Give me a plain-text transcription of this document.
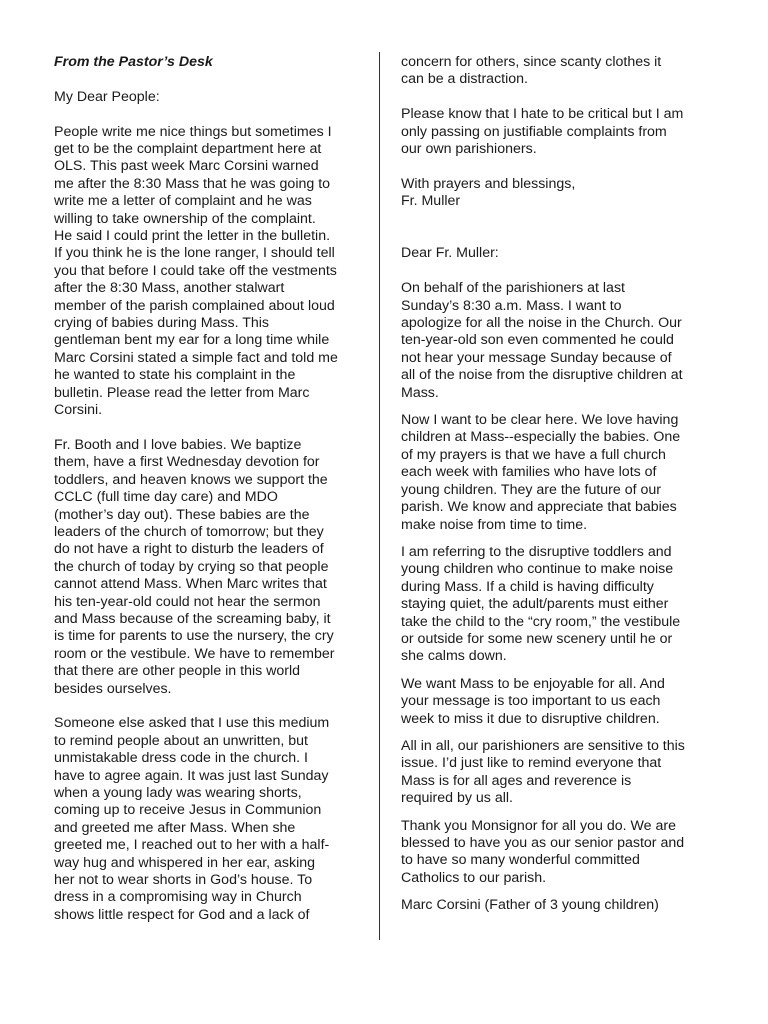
From the Pastor’s Desk

My Dear People:

People write me nice things but sometimes I
get to be the complaint department here at
OLS. This past week Marc Corsini warned
me after the 8:30 Mass that he was going to
write me a letter of complaint and he was
willing to take ownership of the complaint.
He said I could print the letter in the bulletin.
If you think he is the lone ranger, I should tell
you that before I could take off the vestments
after the 8:30 Mass, another stalwart
member of the parish complained about loud
crying of babies during Mass. This
gentleman bent my ear for a long time while
Marc Corsini stated a simple fact and told me
he wanted to state his complaint in the
bulletin. Please read the letter from Marc
Corsini.

Fr. Booth and I love babies. We baptize
them, have a first Wednesday devotion for
toddlers, and heaven knows we support the
CCLC (full time day care) and MDO
(mother’s day out). These babies are the
leaders of the church of tomorrow; but they
do not have a right to disturb the leaders of
the church of today by crying so that people
cannot attend Mass. When Marc writes that
his ten-year-old could not hear the sermon
and Mass because of the screaming baby, it
is time for parents to use the nursery, the cry
room or the vestibule. We have to remember
that there are other people in this world
besides ourselves.

Someone else asked that I use this medium
to remind people about an unwritten, but
unmistakable dress code in the church. I
have to agree again. It was just last Sunday
when a young lady was wearing shorts,
coming up to receive Jesus in Communion
and greeted me after Mass. When she
greeted me, I reached out to her with a half-
way hug and whispered in her ear, asking
her not to wear shorts in God’s house. To
dress in a compromising way in Church
shows little respect for God and a lack of

concern for others, since scanty clothes it
can be a distraction.

Please know that I hate to be critical but I am
only passing on justifiable complaints from
our own parishioners.

With prayers and blessings,
Fr. Muller

Dear Fr. Muller:

On behalf of the parishioners at last
Sunday’s 8:30 a.m. Mass. I want to
apologize for all the noise in the Church. Our
ten-year-old son even commented he could
not hear your message Sunday because of
all of the noise from the disruptive children at
Mass.

Now I want to be clear here. We love having
children at Mass--especially the babies. One
of my prayers is that we have a full church
each week with families who have lots of
young children. They are the future of our
parish. We know and appreciate that babies
make noise from time to time.

I am referring to the disruptive toddlers and
young children who continue to make noise
during Mass. If a child is having difficulty
staying quiet, the adult/parents must either
take the child to the “cry room,” the vestibule
or outside for some new scenery until he or
she calms down.

We want Mass to be enjoyable for all. And
your message is too important to us each
week to miss it due to disruptive children.

All in all, our parishioners are sensitive to this
issue. I’d just like to remind everyone that
Mass is for all ages and reverence is
required by us all.

Thank you Monsignor for all you do. We are
blessed to have you as our senior pastor and
to have so many wonderful committed
Catholics to our parish.

Marc Corsini (Father of 3 young children)
